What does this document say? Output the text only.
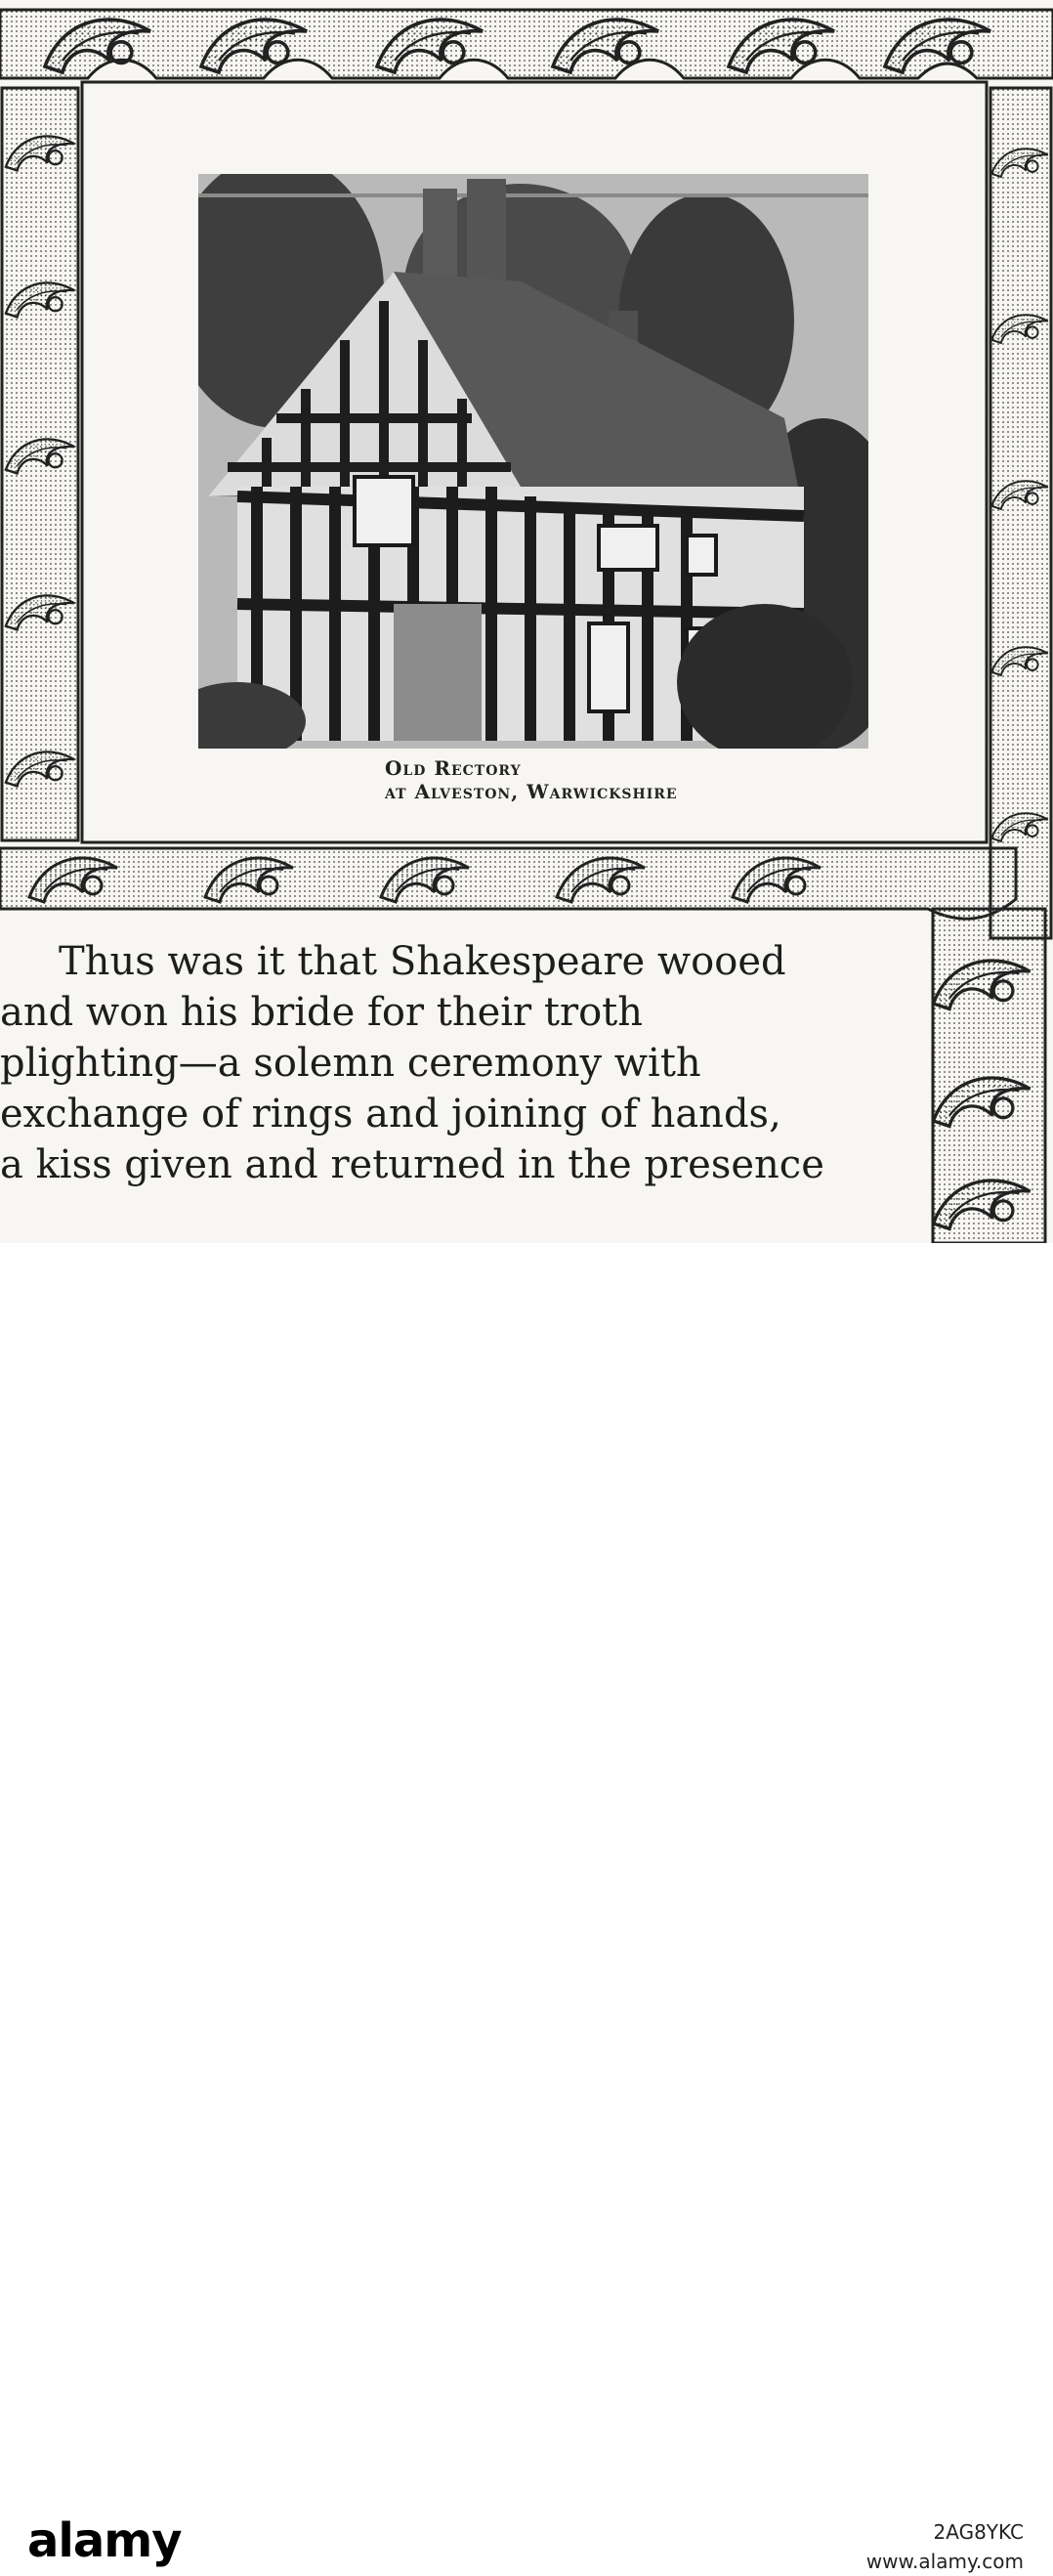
Old Rectory
at Alveston, Warwickshire
Thus was it that Shakespeare wooed
and won his bride for their troth
plighting—a solemn ceremony with
exchange of rings and joining of hands,
a kiss given and returned in the presence
alamy	2AG8YKC
www.alamy.com
